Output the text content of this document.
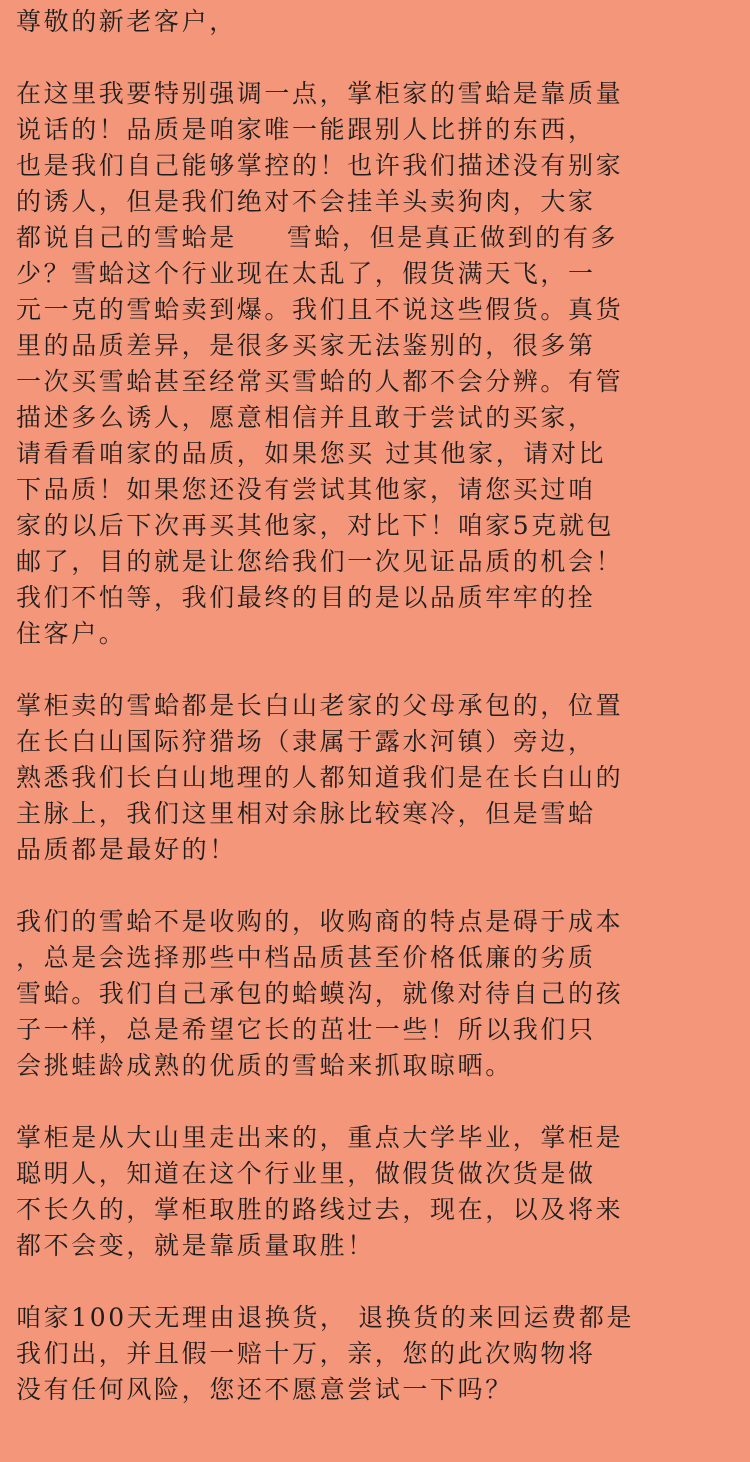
尊敬的新老客户，
在这里我要特别强调一点，掌柜家的雪蛤是靠质量
说话的！品质是咱家唯一能跟别人比拼的东西，
也是我们自己能够掌控的！也许我们描述没有别家
的诱人，但是我们绝对不会挂羊头卖狗肉，大家
都说自己的雪蛤是 雪蛤，但是真正做到的有多
少？雪蛤这个行业现在太乱了，假货满天飞，一
元一克的雪蛤卖到爆。我们且不说这些假货。真货
里的品质差异，是很多买家无法鉴别的，很多第
一次买雪蛤甚至经常买雪蛤的人都不会分辨。有管
描述多么诱人，愿意相信并且敢于尝试的买家，
请看看咱家的品质，如果您买 过其他家，请对比
下品质！如果您还没有尝试其他家，请您买过咱
家的以后下次再买其他家，对比下！咱家5克就包
邮了，目的就是让您给我们一次见证品质的机会！
我们不怕等，我们最终的目的是以品质牢牢的拴
住客户。
掌柜卖的雪蛤都是长白山老家的父母承包的，位置
在长白山国际狩猎场（隶属于露水河镇）旁边，
熟悉我们长白山地理的人都知道我们是在长白山的
主脉上，我们这里相对余脉比较寒冷，但是雪蛤
品质都是最好的！
我们的雪蛤不是收购的，收购商的特点是碍于成本
，总是会选择那些中档品质甚至价格低廉的劣质
雪蛤。我们自己承包的蛤蟆沟，就像对待自己的孩
子一样，总是希望它长的茁壮一些！所以我们只
会挑蛙龄成熟的优质的雪蛤来抓取晾晒。
掌柜是从大山里走出来的，重点大学毕业，掌柜是
聪明人，知道在这个行业里，做假货做次货是做
不长久的，掌柜取胜的路线过去，现在，以及将来
都不会变，就是靠质量取胜！
咱家100天无理由退换货， 退换货的来回运费都是
我们出，并且假一赔十万，亲，您的此次购物将
没有任何风险，您还不愿意尝试一下吗？
